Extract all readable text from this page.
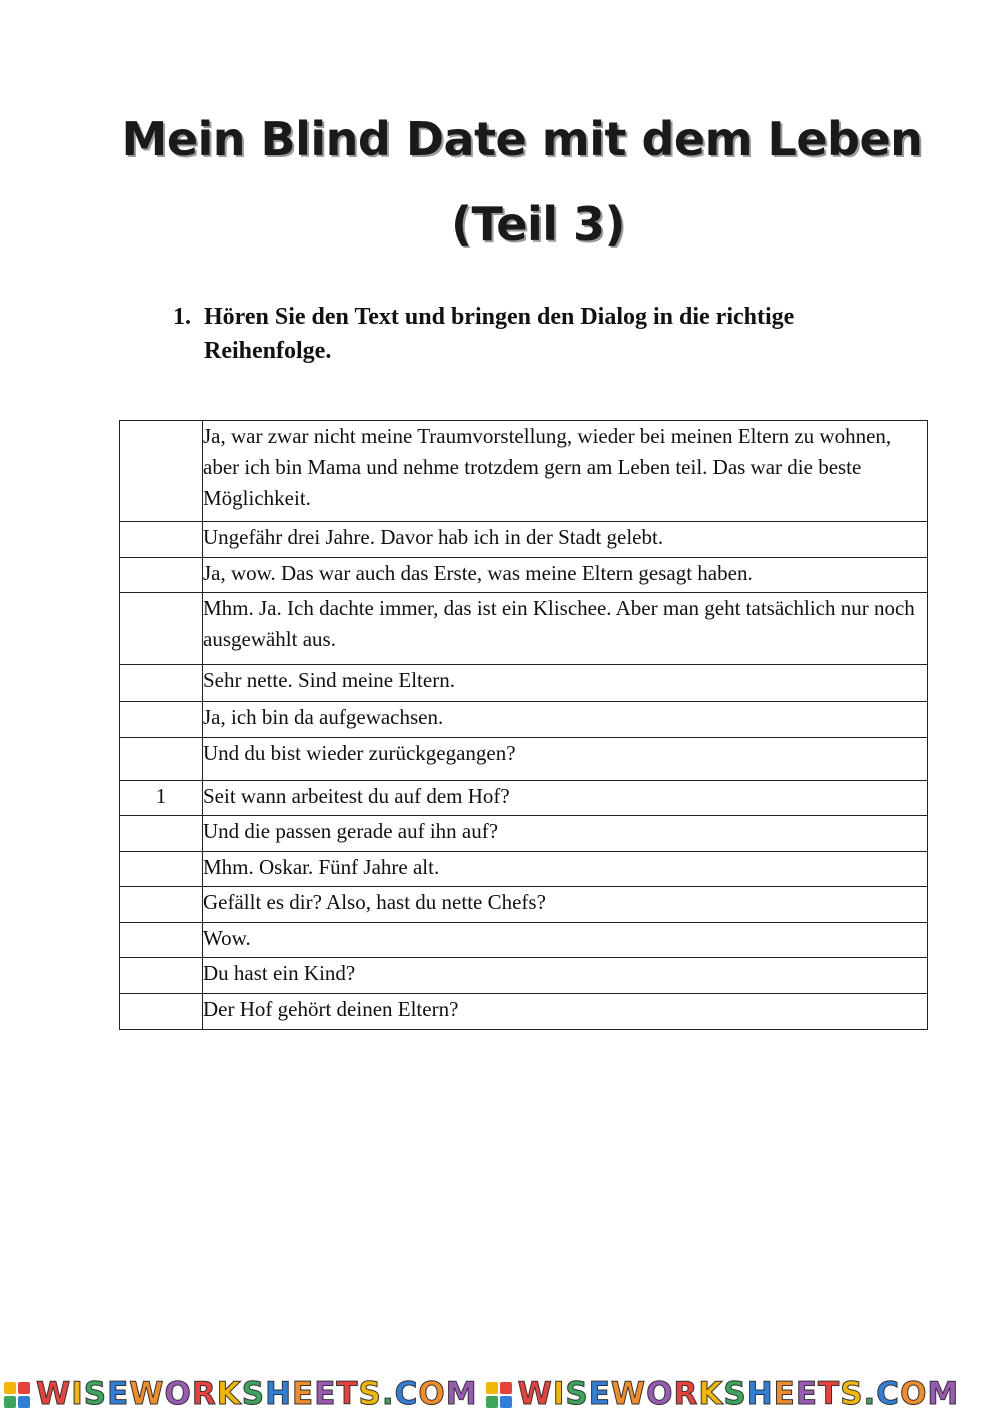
Mein Blind Date mit dem Leben
(Teil 3)
1. Hören Sie den Text und bringen den Dialog in die richtige Reihenfolge.
	Ja, war zwar nicht meine Traumvorstellung, wieder bei meinen Eltern zu wohnen, aber ich bin Mama und nehme trotzdem gern am Leben teil. Das war die beste Möglichkeit.
	Ungefähr drei Jahre. Davor hab ich in der Stadt gelebt.
	Ja, wow. Das war auch das Erste, was meine Eltern gesagt haben.
	Mhm. Ja. Ich dachte immer, das ist ein Klischee. Aber man geht tatsächlich nur noch ausgewählt aus.
	Sehr nette. Sind meine Eltern.
	Ja, ich bin da aufgewachsen.
	Und du bist wieder zurückgegangen?
1	Seit wann arbeitest du auf dem Hof?
	Und die passen gerade auf ihn auf?
	Mhm. Oskar. Fünf Jahre alt.
	Gefällt es dir? Also, hast du nette Chefs?
	Wow.
	Du hast ein Kind?
	Der Hof gehört deinen Eltern?
WISEWORKSHEETS.COM WISEWORKSHEETS.COM
